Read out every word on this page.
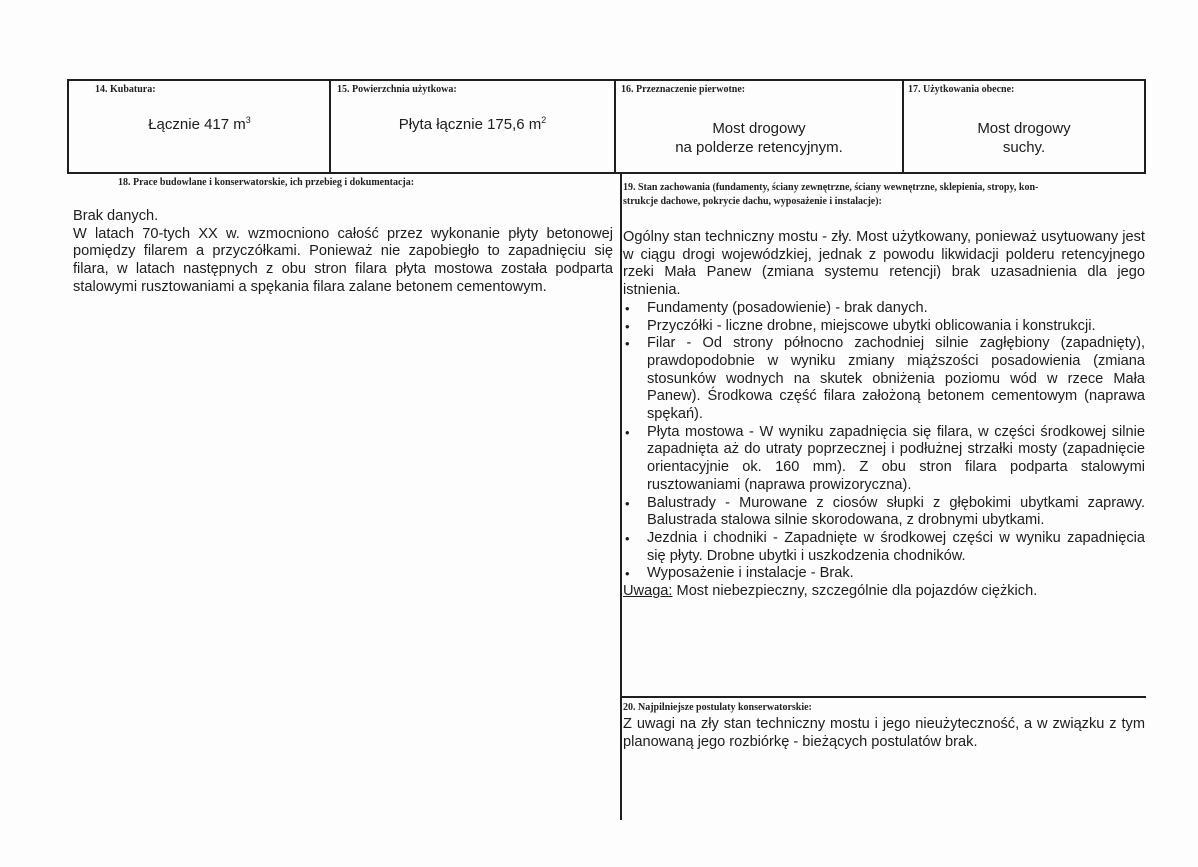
14. Kubatura:
Łącznie 417 $m^3$
15. Powierzchnia użytkowa:
Płyta łącznie 175,6 $m^2$
16. Przeznaczenie pierwotne:
Most drogowy
na polderze retencyjnym.
17. Użytkowania obecne:
Most drogowy
suchy.
18. Prace budowlane i konserwatorskie, ich przebieg i dokumentacja:

Brak danych.

W latach 70-tych XX w. wzmocniono całość przez wykonanie płyty betonowej pomiędzy filarem a przyczółkami. Ponieważ nie zapobiegło to zapadnięciu się filara, w latach następnych z obu stron filara płyta mostowa została podparta stalowymi rusztowaniami a spękania filara zalane betonem cementowym.

19. Stan zachowania (fundamenty, ściany zewnętrzne, ściany wewnętrzne, sklepienia, stropy, kon-
strukcje dachowe, pokrycie dachu, wyposażenie i instalacje):

Ogólny stan techniczny mostu - zły. Most użytkowany, ponieważ usytuowany jest w ciągu drogi wojewódzkiej, jednak z powodu likwidacji polderu retencyjnego rzeki Mała Panew (zmiana systemu retencji) brak uzasadnienia dla jego istnienia.

• Fundamenty (posadowienie) - brak danych.
• Przyczółki - liczne drobne, miejscowe ubytki oblicowania i konstrukcji.
• Filar - Od strony północno zachodniej silnie zagłębiony (zapadnięty), prawdopodobnie w wyniku zmiany miąższości posadowienia (zmiana stosunków wodnych na skutek obniżenia poziomu wód w rzece Mała Panew). Środkowa część filara założoną betonem cementowym (naprawa spękań).
• Płyta mostowa - W wyniku zapadnięcia się filara, w części środkowej silnie zapadnięta aż do utraty poprzecznej i podłużnej strzałki mosty (zapadnięcie orientacyjnie ok. 160 mm). Z obu stron filara podparta stalowymi rusztowaniami (naprawa prowizoryczna).
• Balustrady - Murowane z ciosów słupki z głębokimi ubytkami zaprawy. Balustrada stalowa silnie skorodowana, z drobnymi ubytkami.
• Jezdnia i chodniki - Zapadnięte w środkowej części w wyniku zapadnięcia się płyty. Drobne ubytki i uszkodzenia chodników.
• Wyposażenie i instalacje - Brak.

Uwaga: Most niebezpieczny, szczególnie dla pojazdów ciężkich.

20. Najpilniejsze postulaty konserwatorskie:
Z uwagi na zły stan techniczny mostu i jego nieużyteczność, a w związku z tym planowaną jego rozbiórkę - bieżących postulatów brak.
